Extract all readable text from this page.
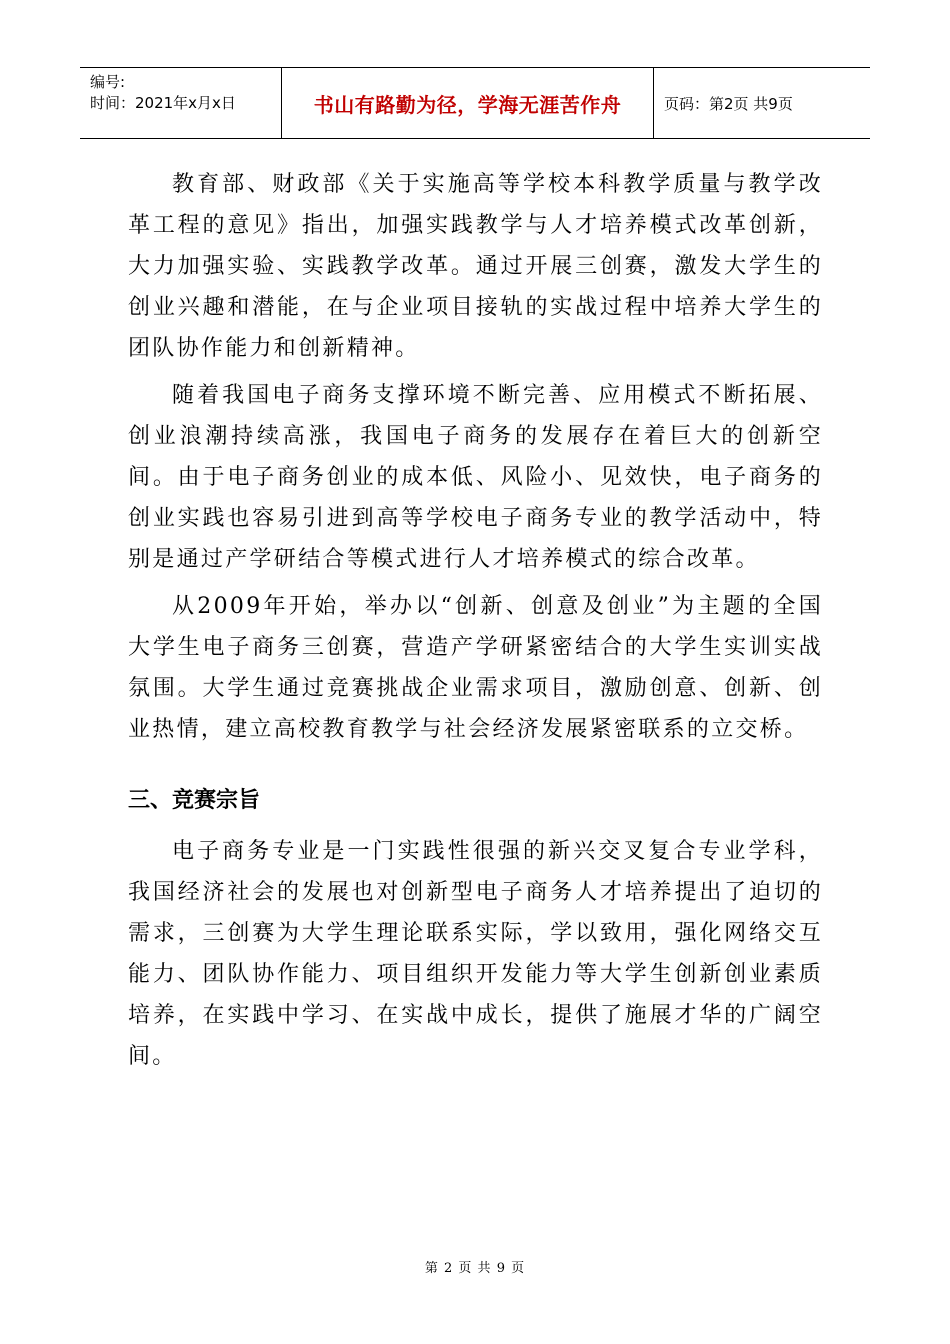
编号:
时间：2021年x月x日	书山有路勤为径，学海无涯苦作舟	页码：第2页 共9页

教育部、财政部《关于实施高等学校本科教学质量与教学改革工程的意见》指出，加强实践教学与人才培养模式改革创新，大力加强实验、实践教学改革。通过开展三创赛，激发大学生的创业兴趣和潜能，在与企业项目接轨的实战过程中培养大学生的团队协作能力和创新精神。

随着我国电子商务支撑环境不断完善、应用模式不断拓展、创业浪潮持续高涨，我国电子商务的发展存在着巨大的创新空间。由于电子商务创业的成本低、风险小、见效快，电子商务的创业实践也容易引进到高等学校电子商务专业的教学活动中，特别是通过产学研结合等模式进行人才培养模式的综合改革。

从2009年开始，举办以“创新、创意及创业”为主题的全国大学生电子商务三创赛，营造产学研紧密结合的大学生实训实战氛围。大学生通过竞赛挑战企业需求项目，激励创意、创新、创业热情，建立高校教育教学与社会经济发展紧密联系的立交桥。

三、竞赛宗旨

电子商务专业是一门实践性很强的新兴交叉复合专业学科，我国经济社会的发展也对创新型电子商务人才培养提出了迫切的需求，三创赛为大学生理论联系实际，学以致用，强化网络交互能力、团队协作能力、项目组织开发能力等大学生创新创业素质培养，在实践中学习、在实战中成长，提供了施展才华的广阔空间。

第 2 页 共 9 页
